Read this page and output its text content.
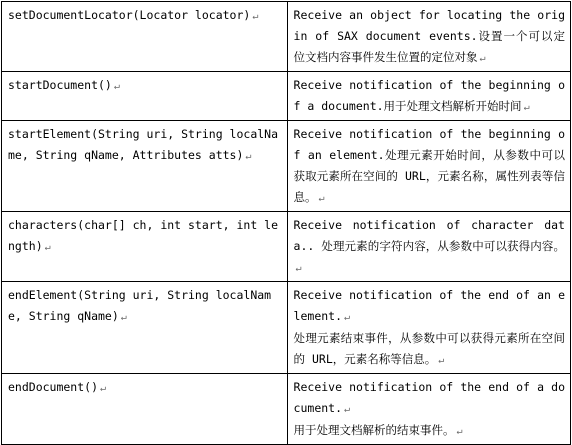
setDocumentLocator(Locator locator) ↵	Receive an object for locating the origin of SAX document events.设置一个可以定位文档内容事件发生位置的定位对象 ↵

startDocument() ↵	Receive notification of the beginning of a document.用于处理文档解析开始时间 ↵

startElement(String uri, String localName, String qName, Attributes atts) ↵	Receive notification of the beginning of an element.处理元素开始时间，从参数中可以获取元素所在空间的 URL，元素名称，属性列表等信息。 ↵

characters(char[] ch, int start, int length) ↵	Receive notification of character data.. 处理元素的字符内容，从参数中可以获得内容。↵

endElement(String uri, String localName, String qName) ↵	Receive notification of the end of an element. ↵
处理元素结束事件，从参数中可以获得元素所在空间的 URL，元素名称等信息。 ↵

endDocument() ↵	Receive notification of the end of a document. ↵
用于处理文档解析的结束事件。 ↵
